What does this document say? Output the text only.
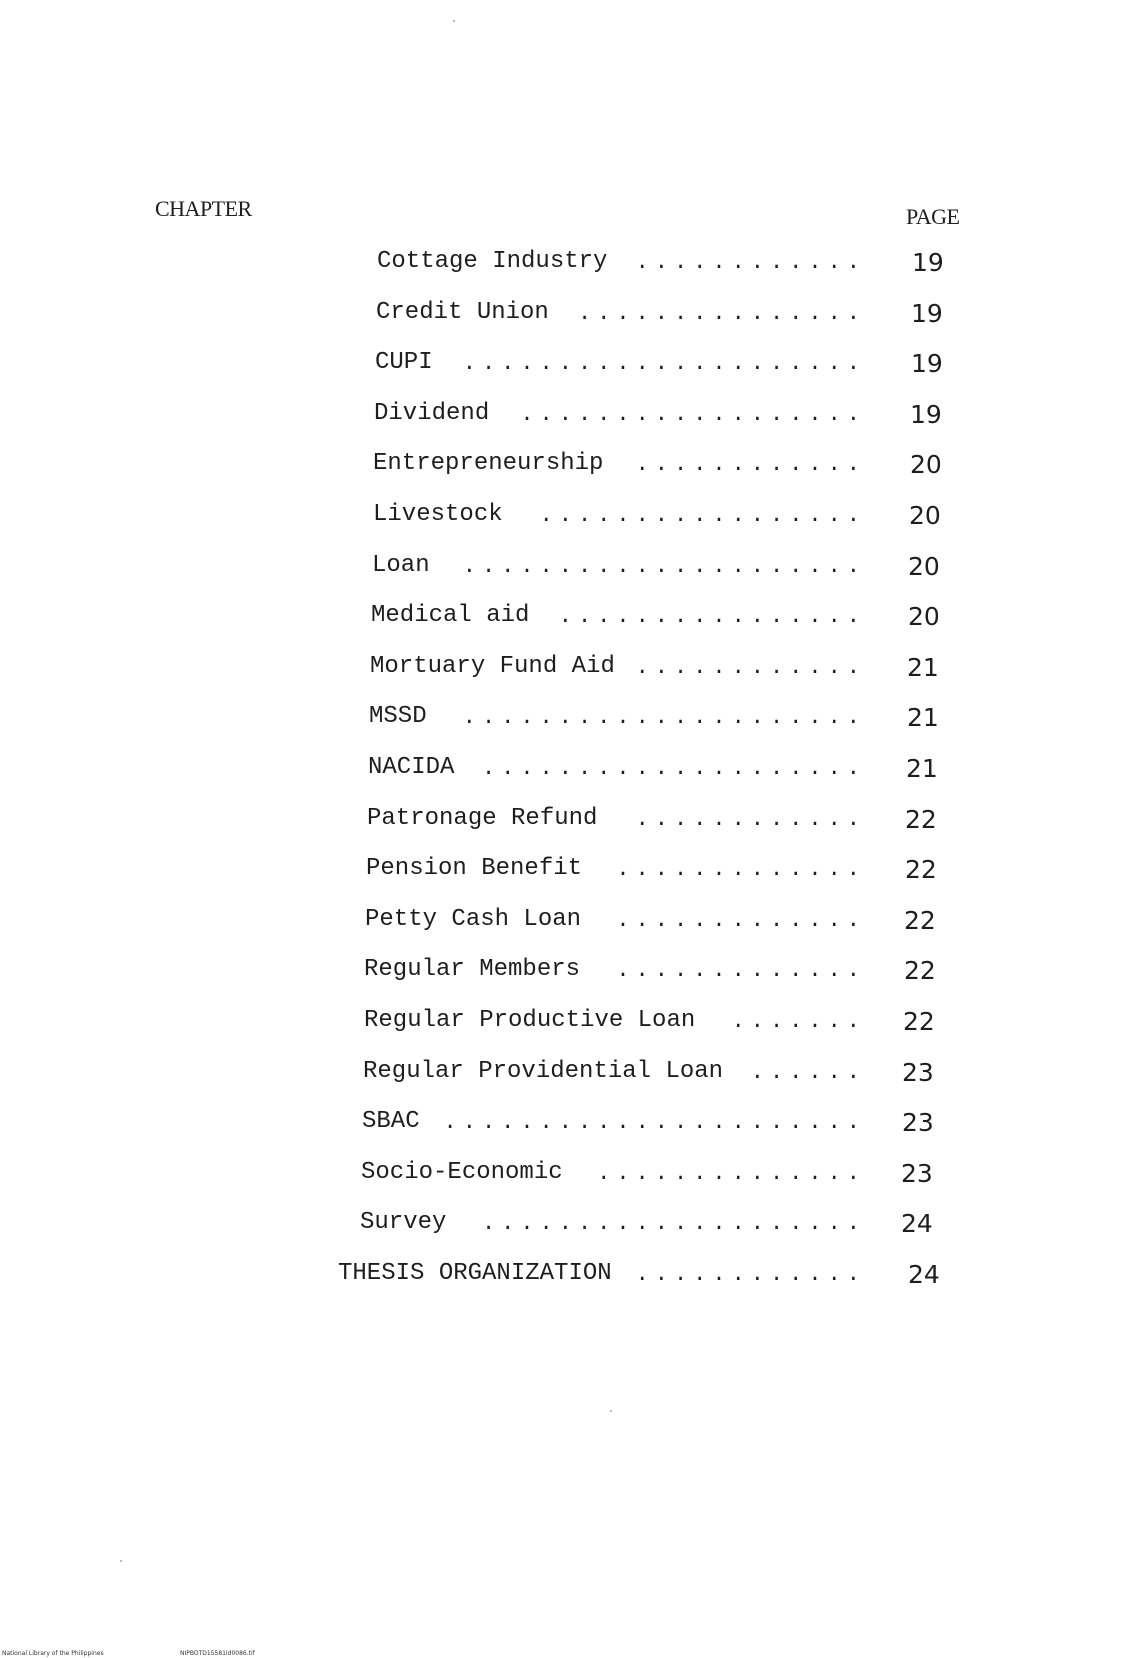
CHAPTER	PAGE
Cottage Industry ............ 19
Credit Union ............... 19
CUPI ..................... 19
Dividend .................. 19
Entrepreneurship ............ 20
Livestock ................. 20
Loan ..................... 20
Medical aid ................ 20
Mortuary Fund Aid ............ 21
MSSD ..................... 21
NACIDA .................... 21
Patronage Refund ............ 22
Pension Benefit ............. 22
Petty Cash Loan ............. 22
Regular Members ............. 22
Regular Productive Loan ....... 22
Regular Providential Loan ...... 23
SBAC ...................... 23
Socio-Economic .............. 23
Survey .................... 24
THESIS ORGANIZATION ............ 24
National Library of the Philippines	NIPBOTD15581ld0086.tif
